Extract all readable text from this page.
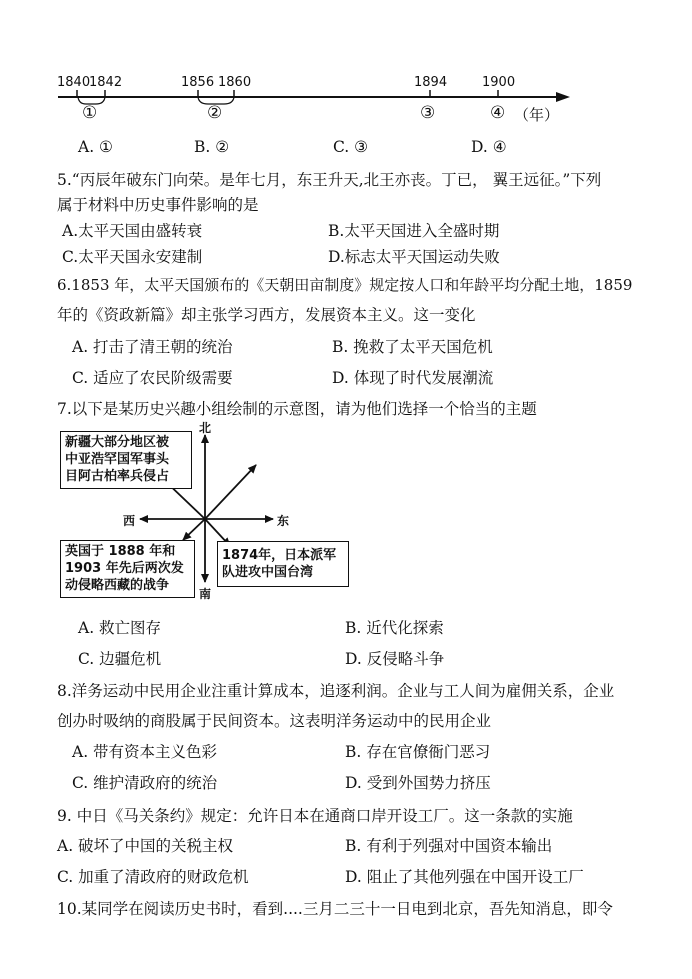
1840
1842	1856 1860	1894	1900
①	②	③	④ （年）
A. ①	B. ②	C. ③	D. ④
5.“丙辰年破东门向荣。是年七月，东王升天,北王亦丧。丁已， 翼王远征。”下列
属于材料中历史事件影响的是
A.太平天国由盛转衰	B.太平天国进入全盛时期
C.太平天国永安建制	D.标志太平天国运动失败
6.1853 年，太平天国颁布的《天朝田亩制度》规定按人口和年龄平均分配土地，1859
年的《资政新篇》却主张学习西方，发展资本主义。这一变化
A. 打击了清王朝的统治	B. 挽救了太平天国危机
C. 适应了农民阶级需要	D. 体现了时代发展潮流
7.以下是某历史兴趣小组绘制的示意图，请为他们选择一个恰当的主题
北
南
西	东
新疆大部分地区被
中亚浩罕国军事头
目阿古柏率兵侵占
英国于 1888 年和
1903 年先后两次发
动侵略西藏的战争
1874年，日本派军
队进攻中国台湾
A. 救亡图存	B. 近代化探索
C. 边疆危机	D. 反侵略斗争
8.洋务运动中民用企业注重计算成本，追逐利润。企业与工人间为雇佣关系，企业
创办时吸纳的商股属于民间资本。这表明洋务运动中的民用企业
A. 带有资本主义色彩	B. 存在官僚衙门恶习
C. 维护清政府的统治	D. 受到外国势力挤压
9. 中日《马关条约》规定：允许日本在通商口岸开设工厂。这一条款的实施
A. 破坏了中国的关税主权	B. 有利于列强对中国资本输出
C. 加重了清政府的财政危机	D. 阻止了其他列强在中国开设工厂
10.某同学在阅读历史书时，看到....三月二三十一日电到北京，吾先知消息，即令
